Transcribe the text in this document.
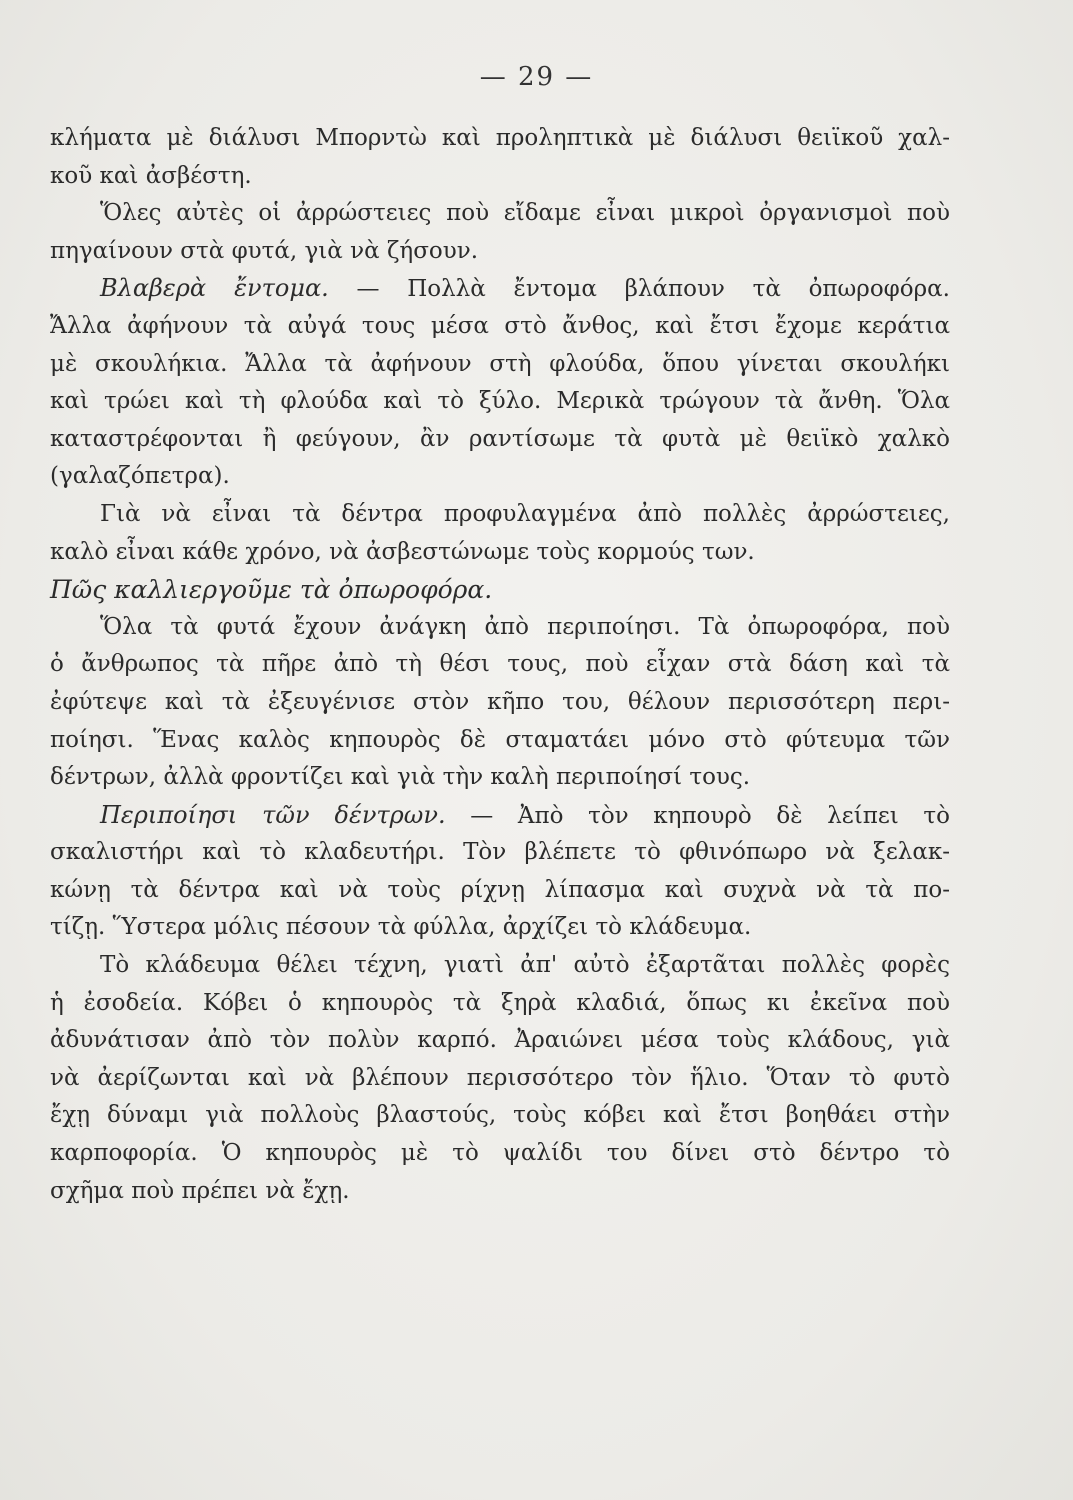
— 29 —
κλήματα μὲ διάλυσι Μπορντὼ καὶ προληπτικὰ μὲ διάλυσι θειϊκοῦ χαλ-
κοῦ καὶ ἀσβέστη.
Ὅλες αὐτὲς οἱ ἀρρώστειες ποὺ εἴδαμε εἶναι μικροὶ ὀργανισμοὶ ποὺ
πηγαίνουν στὰ φυτά, γιὰ νὰ ζήσουν.
Βλαβερὰ ἔντομα. — Πολλὰ ἔντομα βλάπουν τὰ ὀπωροφόρα.
Ἄλλα ἀφήνουν τὰ αὐγά τους μέσα στὸ ἄνθος, καὶ ἔτσι ἔχομε κεράτια
μὲ σκουλήκια. Ἄλλα τὰ ἀφήνουν στὴ φλούδα, ὅπου γίνεται σκουλήκι
καὶ τρώει καὶ τὴ φλούδα καὶ τὸ ξύλο. Μερικὰ τρώγουν τὰ ἄνθη. Ὅλα
καταστρέφονται ἢ φεύγουν, ἂν ραντίσωμε τὰ φυτὰ μὲ θειϊκὸ χαλκὸ
(γαλαζόπετρα).
Γιὰ νὰ εἶναι τὰ δέντρα προφυλαγμένα ἀπὸ πολλὲς ἀρρώστειες,
καλὸ εἶναι κάθε χρόνο, νὰ ἀσβεστώνωμε τοὺς κορμούς των.
Πῶς καλλιεργοῦμε τὰ ὀπωροφόρα.
Ὅλα τὰ φυτά ἔχουν ἀνάγκη ἀπὸ περιποίησι. Τὰ ὀπωροφόρα, ποὺ
ὁ ἄνθρωπος τὰ πῆρε ἀπὸ τὴ θέσι τους, ποὺ εἶχαν στὰ δάση καὶ τὰ
ἐφύτεψε καὶ τὰ ἐξευγένισε στὸν κῆπο του, θέλουν περισσότερη περι-
ποίησι. Ἕνας καλὸς κηπουρὸς δὲ σταματάει μόνο στὸ φύτευμα τῶν
δέντρων, ἀλλὰ φροντίζει καὶ γιὰ τὴν καλὴ περιποίησί τους.
Περιποίησι τῶν δέντρων. — Ἀπὸ τὸν κηπουρὸ δὲ λείπει τὸ
σκαλιστήρι καὶ τὸ κλαδευτήρι. Τὸν βλέπετε τὸ φθινόπωρο νὰ ξελακ-
κώνῃ τὰ δέντρα καὶ νὰ τοὺς ρίχνῃ λίπασμα καὶ συχνὰ νὰ τὰ πο-
τίζῃ. Ὕστερα μόλις πέσουν τὰ φύλλα, ἀρχίζει τὸ κλάδευμα.
Τὸ κλάδευμα θέλει τέχνη, γιατὶ ἀπ' αὐτὸ ἐξαρτᾶται πολλὲς φορὲς
ἡ ἐσοδεία. Κόβει ὁ κηπουρὸς τὰ ξηρὰ κλαδιά, ὅπως κι ἐκεῖνα ποὺ
ἀδυνάτισαν ἀπὸ τὸν πολὺν καρπό. Ἀραιώνει μέσα τοὺς κλάδους, γιὰ
νὰ ἀερίζωνται καὶ νὰ βλέπουν περισσότερο τὸν ἥλιο. Ὅταν τὸ φυτὸ
ἔχῃ δύναμι γιὰ πολλοὺς βλαστούς, τοὺς κόβει καὶ ἔτσι βοηθάει στὴν
καρποφορία. Ὁ κηπουρὸς μὲ τὸ ψαλίδι του δίνει στὸ δέντρο τὸ
σχῆμα ποὺ πρέπει νὰ ἔχῃ.
